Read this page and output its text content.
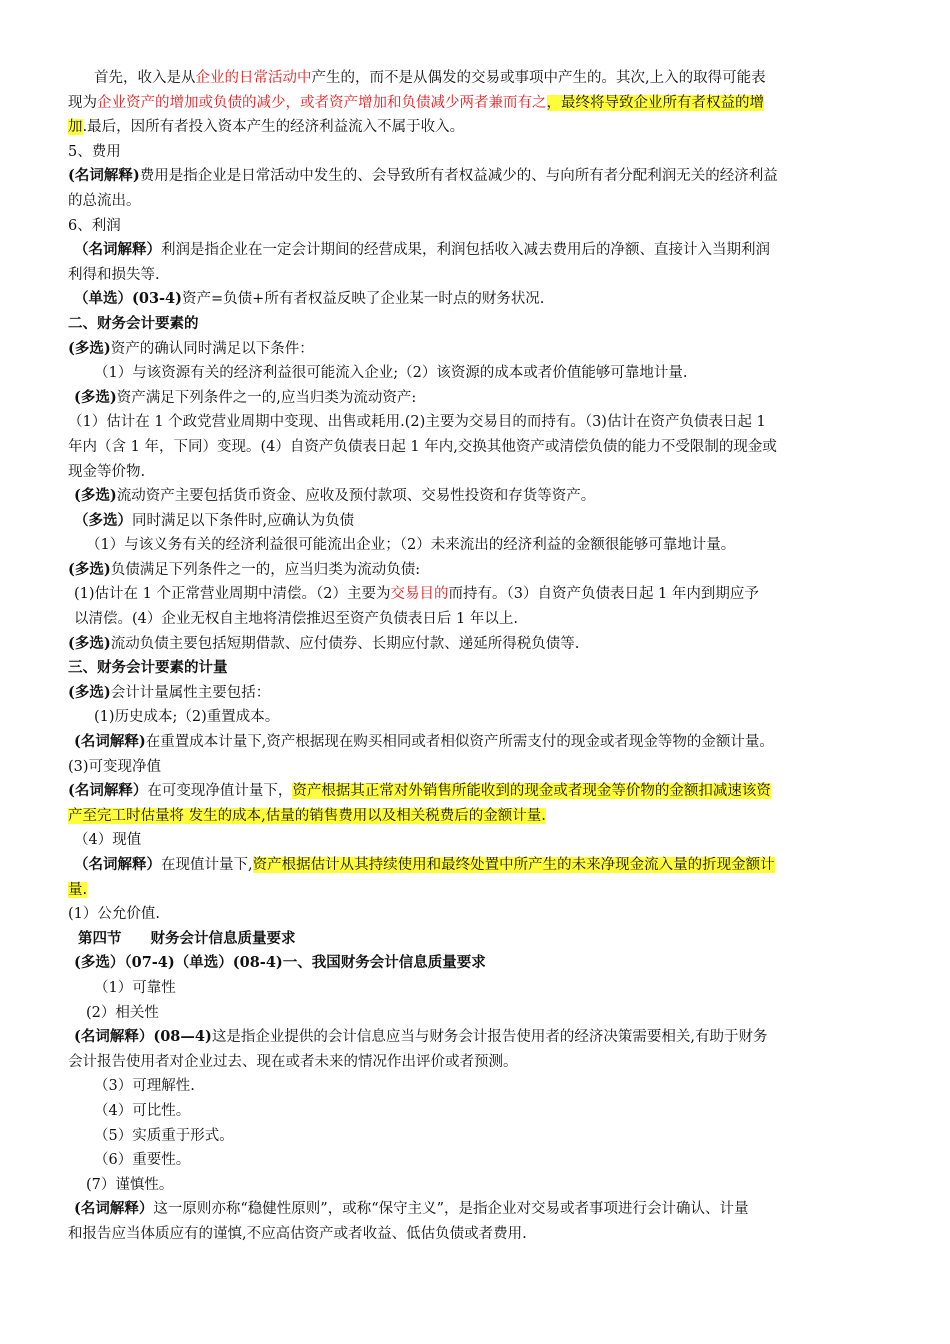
首先，收入是从企业的日常活动中产生的，而不是从偶发的交易或事项中产生的。其次,上入的取得可能表
现为企业资产的增加或负债的减少，或者资产增加和负债减少两者兼而有之，最终将导致企业所有者权益的增
加.最后，因所有者投入资本产生的经济利益流入不属于收入。
5、费用
(名词解释)费用是指企业是日常活动中发生的、会导致所有者权益减少的、与向所有者分配利润无关的经济利益
的总流出。
6、利润
（名词解释）利润是指企业在一定会计期间的经营成果，利润包括收入减去费用后的净额、直接计入当期利润
利得和损失等.
（单选）(03-4)资产=负债+所有者权益反映了企业某一时点的财务状况.
二、财务会计要素的
(多选)资产的确认同时满足以下条件：
（1）与该资源有关的经济利益很可能流入企业;（2）该资源的成本或者价值能够可靠地计量.
(多选)资产满足下列条件之一的,应当归类为流动资产:
（1）估计在 1 个政党营业周期中变现、出售或耗用.(2)主要为交易目的而持有。（3)估计在资产负债表日起 1
年内（含 1 年，下同）变现。(4）自资产负债表日起 1 年内,交换其他资产或清偿负债的能力不受限制的现金或
现金等价物.
(多选)流动资产主要包括货币资金、应收及预付款项、交易性投资和存货等资产。
（多选）同时满足以下条件时,应确认为负债
（1）与该义务有关的经济利益很可能流出企业；（2）未来流出的经济利益的金额很能够可靠地计量。
(多选)负债满足下列条件之一的，应当归类为流动负债:
(1)估计在 1 个正常营业周期中清偿。（2）主要为交易目的而持有。（3）自资产负债表日起 1 年内到期应予
以清偿。(4）企业无权自主地将清偿推迟至资产负债表日后 1 年以上.
(多选)流动负债主要包括短期借款、应付债券、长期应付款、递延所得税负债等.
三、财务会计要素的计量
(多选)会计计量属性主要包括：
(1)历史成本;（2)重置成本。
(名词解释)在重置成本计量下,资产根据现在购买相同或者相似资产所需支付的现金或者现金等物的金额计量。
(3)可变现净值
(名词解释）在可变现净值计量下，资产根据其正常对外销售所能收到的现金或者现金等价物的金额扣减速该资
产至完工时估量将 发生的成本,估量的销售费用以及相关税费后的金额计量.
（4）现值
（名词解释）在现值计量下,资产根据估计从其持续使用和最终处置中所产生的未来净现金流入量的折现金额计
量.
(1）公允价值.
第四节　　财务会计信息质量要求
(多选）（07-4)（单选）(08-4)一、我国财务会计信息质量要求
（1）可靠性
(2）相关性
(名词解释）(08—4)这是指企业提供的会计信息应当与财务会计报告使用者的经济决策需要相关,有助于财务
会计报告使用者对企业过去、现在或者未来的情况作出评价或者预测。
（3）可理解性.
（4）可比性。
（5）实质重于形式。
（6）重要性。
(7）谨慎性。
(名词解释）这一原则亦称“稳健性原则”，或称“保守主义”，是指企业对交易或者事项进行会计确认、计量
和报告应当体质应有的谨慎,不应高估资产或者收益、低估负债或者费用.
